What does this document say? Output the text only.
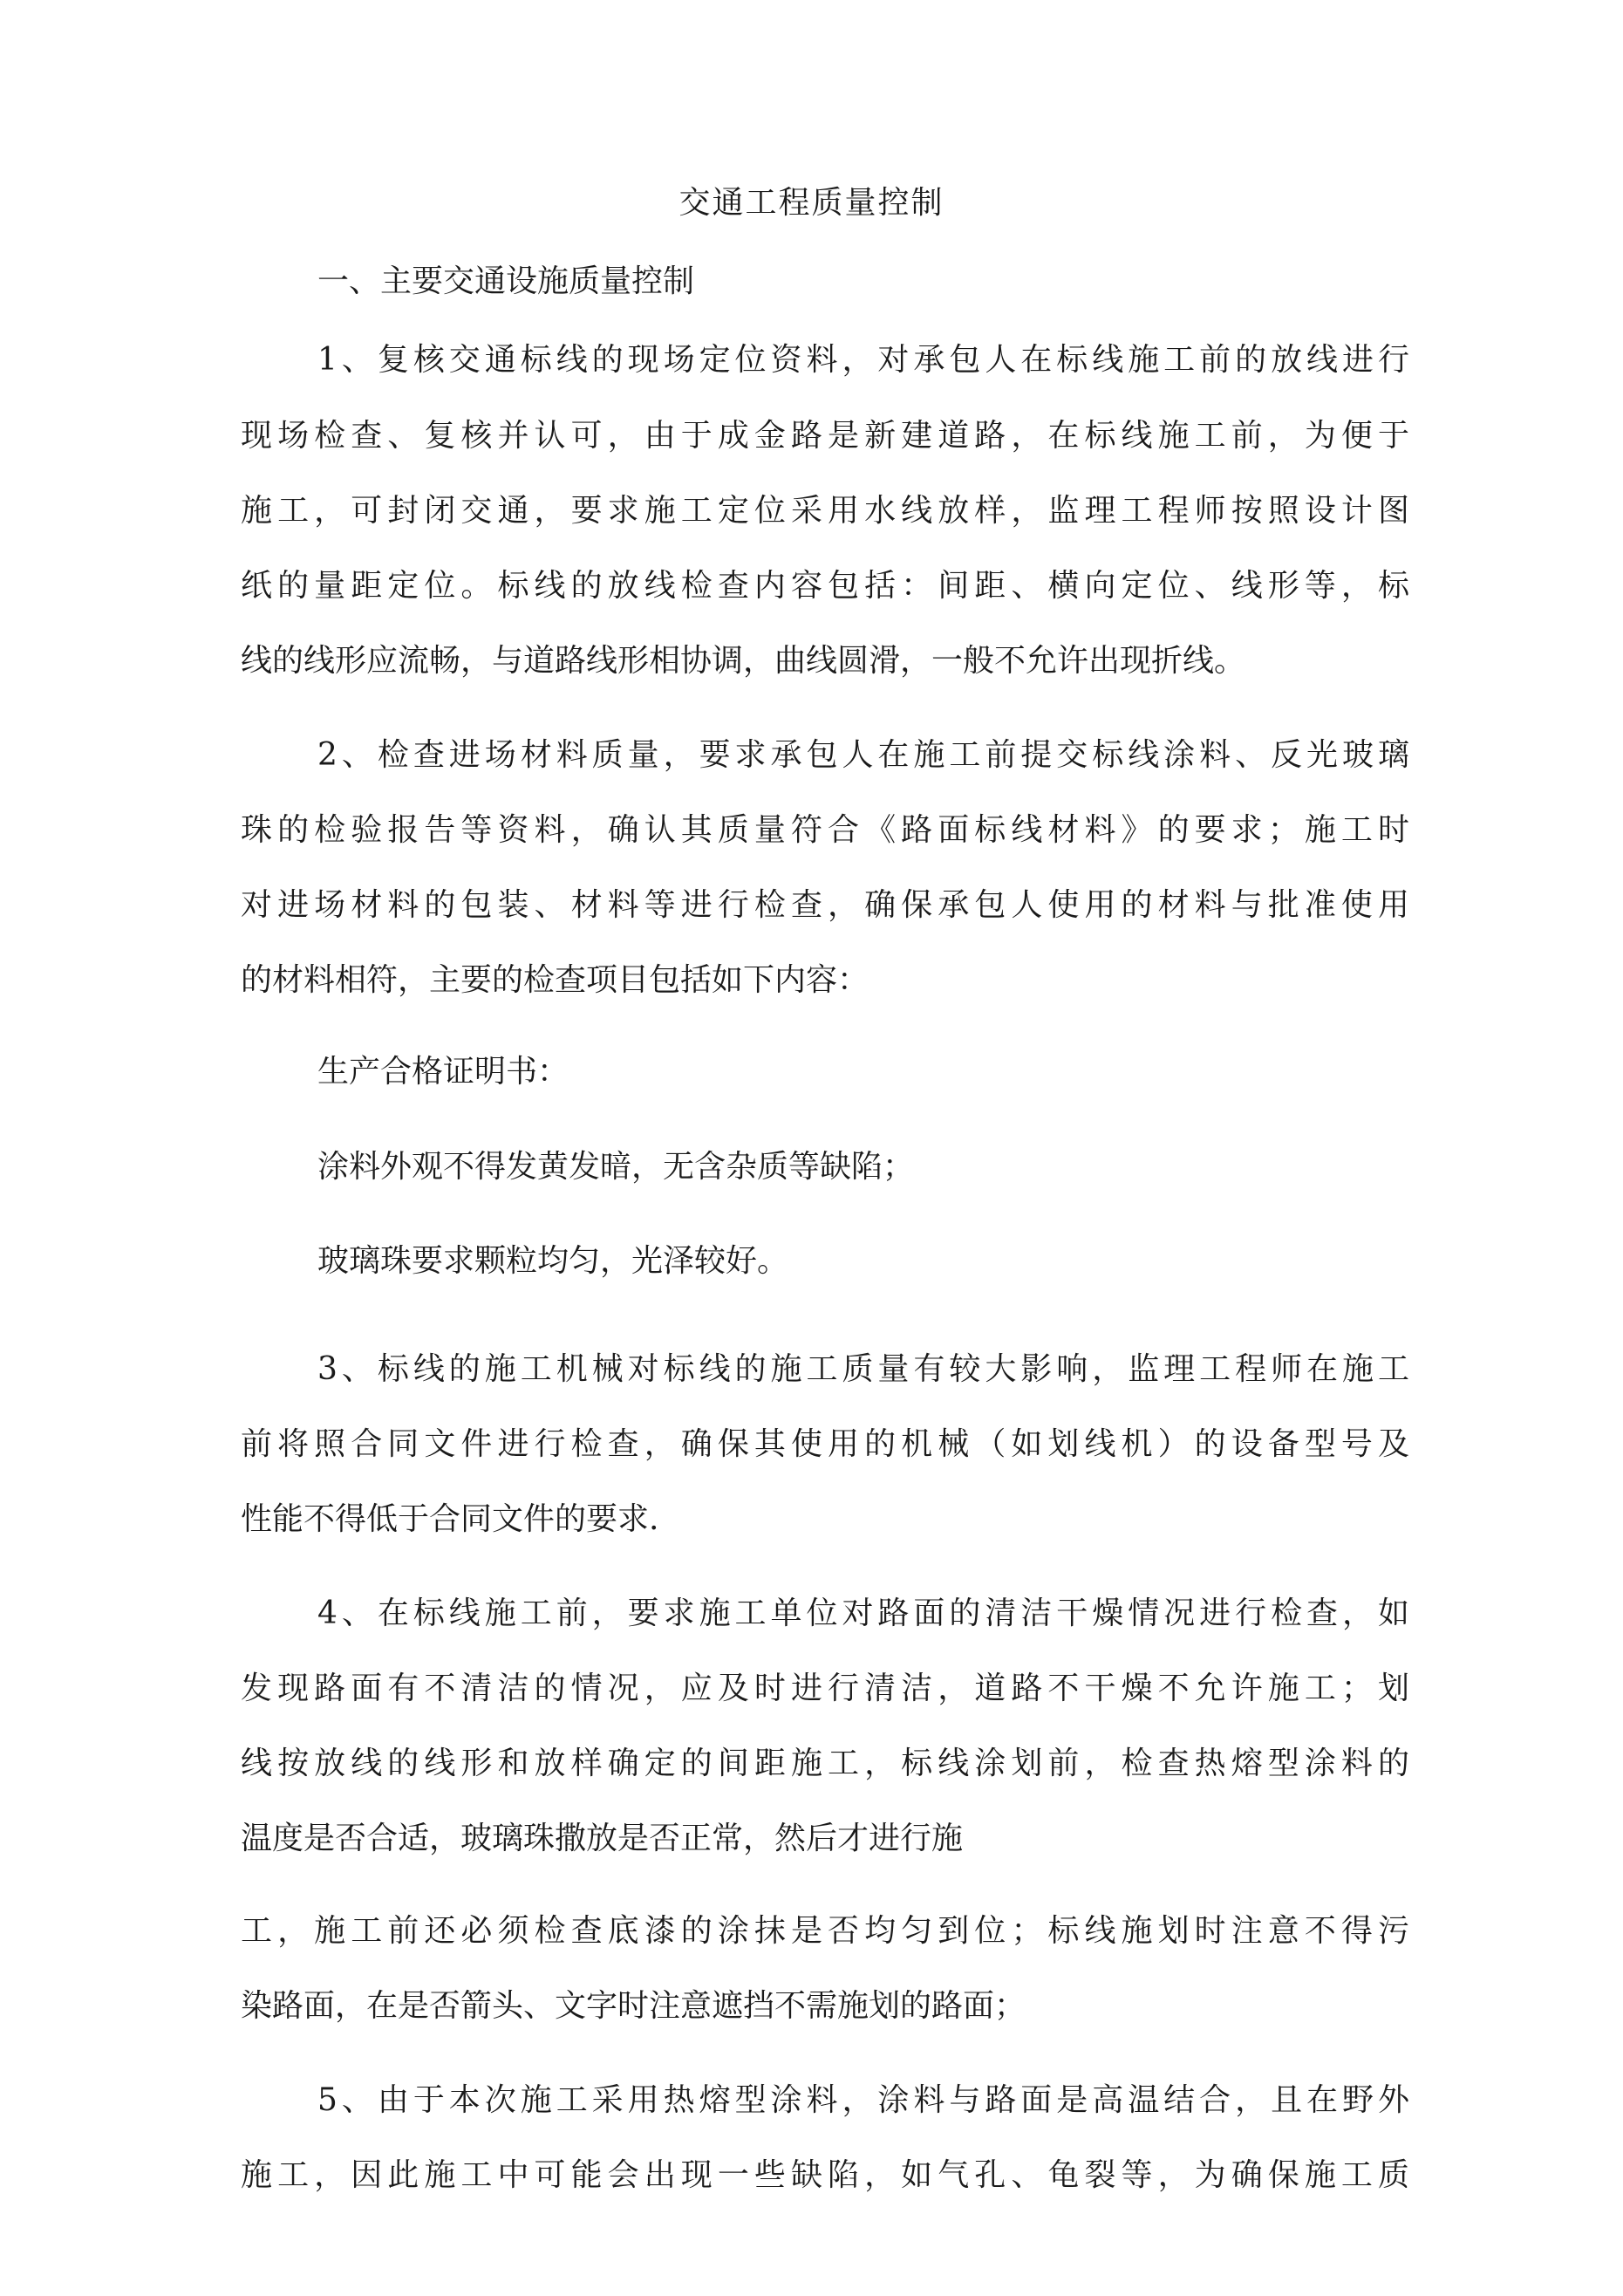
交通工程质量控制
一、主要交通设施质量控制
1、复核交通标线的现场定位资料，对承包人在标线施工前的放线进行
现场检查、复核并认可，由于成金路是新建道路，在标线施工前，为便于
施工，可封闭交通，要求施工定位采用水线放样，监理工程师按照设计图
纸的量距定位。标线的放线检查内容包括：间距、横向定位、线形等，标
线的线形应流畅，与道路线形相协调，曲线圆滑，一般不允许出现折线。
2、检查进场材料质量，要求承包人在施工前提交标线涂料、反光玻璃
珠的检验报告等资料，确认其质量符合《路面标线材料》的要求；施工时
对进场材料的包装、材料等进行检查，确保承包人使用的材料与批准使用
的材料相符，主要的检查项目包括如下内容：
生产合格证明书：
涂料外观不得发黄发暗，无含杂质等缺陷；
玻璃珠要求颗粒均匀，光泽较好。
3、标线的施工机械对标线的施工质量有较大影响，监理工程师在施工
前将照合同文件进行检查，确保其使用的机械（如划线机）的设备型号及
性能不得低于合同文件的要求.
4、在标线施工前，要求施工单位对路面的清洁干燥情况进行检查，如
发现路面有不清洁的情况，应及时进行清洁，道路不干燥不允许施工；划
线按放线的线形和放样确定的间距施工，标线涂划前，检查热熔型涂料的
温度是否合适，玻璃珠撒放是否正常，然后才进行施
工，施工前还必须检查底漆的涂抹是否均匀到位；标线施划时注意不得污
染路面，在是否箭头、文字时注意遮挡不需施划的路面；
5、由于本次施工采用热熔型涂料，涂料与路面是高温结合，且在野外
施工，因此施工中可能会出现一些缺陷，如气孔、龟裂等，为确保施工质
